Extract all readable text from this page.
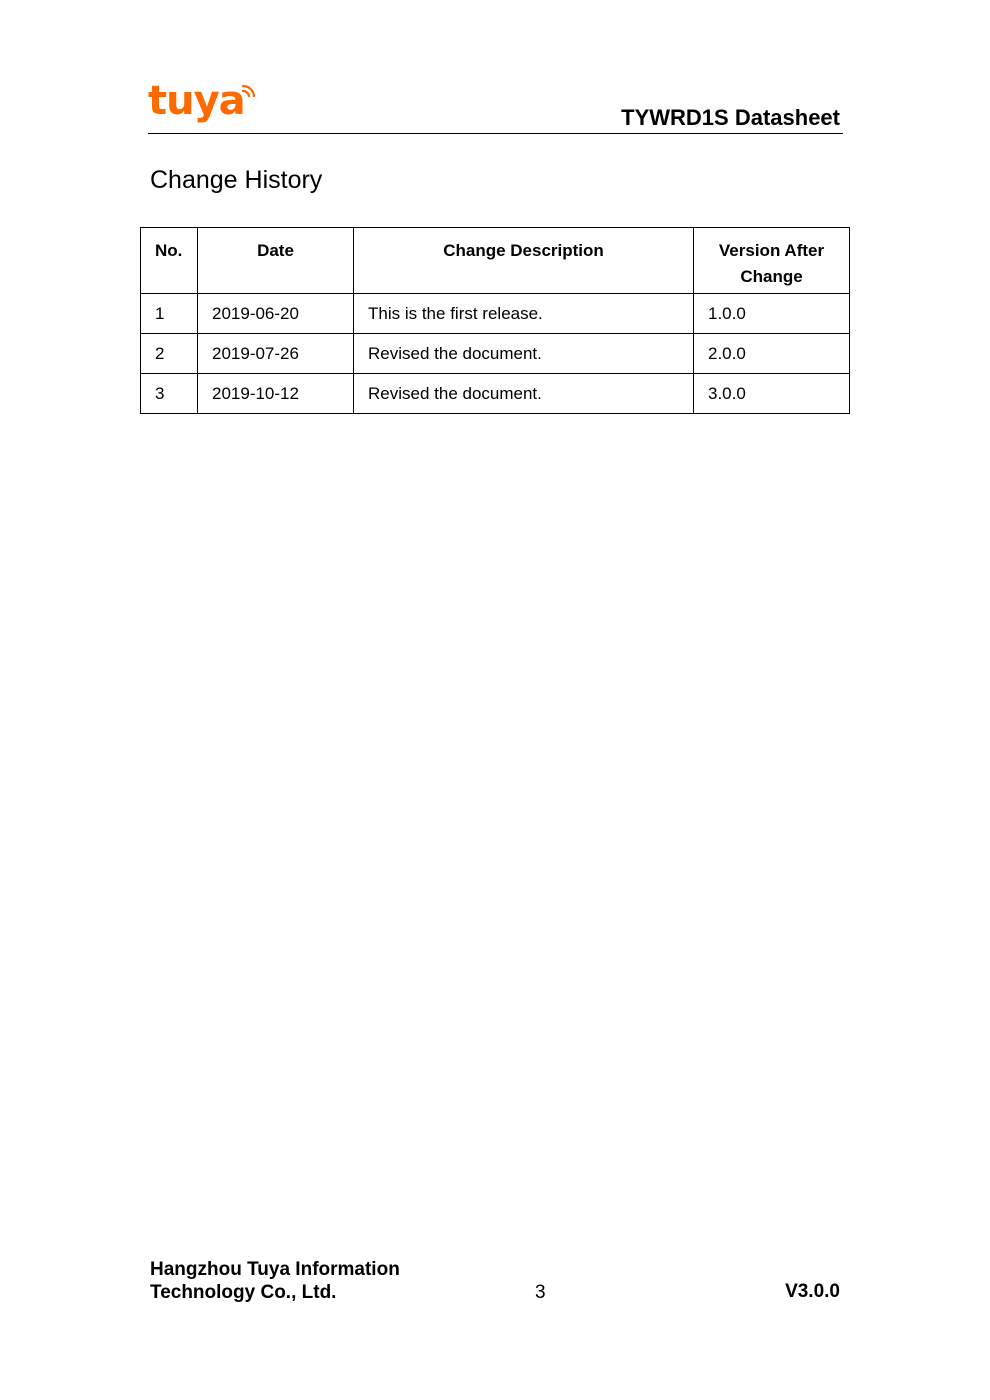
tuya	TYWRD1S Datasheet
Change History
No.	Date	Change Description	Version After Change
1	2019-06-20	This is the first release.	1.0.0
2	2019-07-26	Revised the document.	2.0.0
3	2019-10-12	Revised the document.	3.0.0
Hangzhou Tuya Information
Technology Co., Ltd.	3	V3.0.0
